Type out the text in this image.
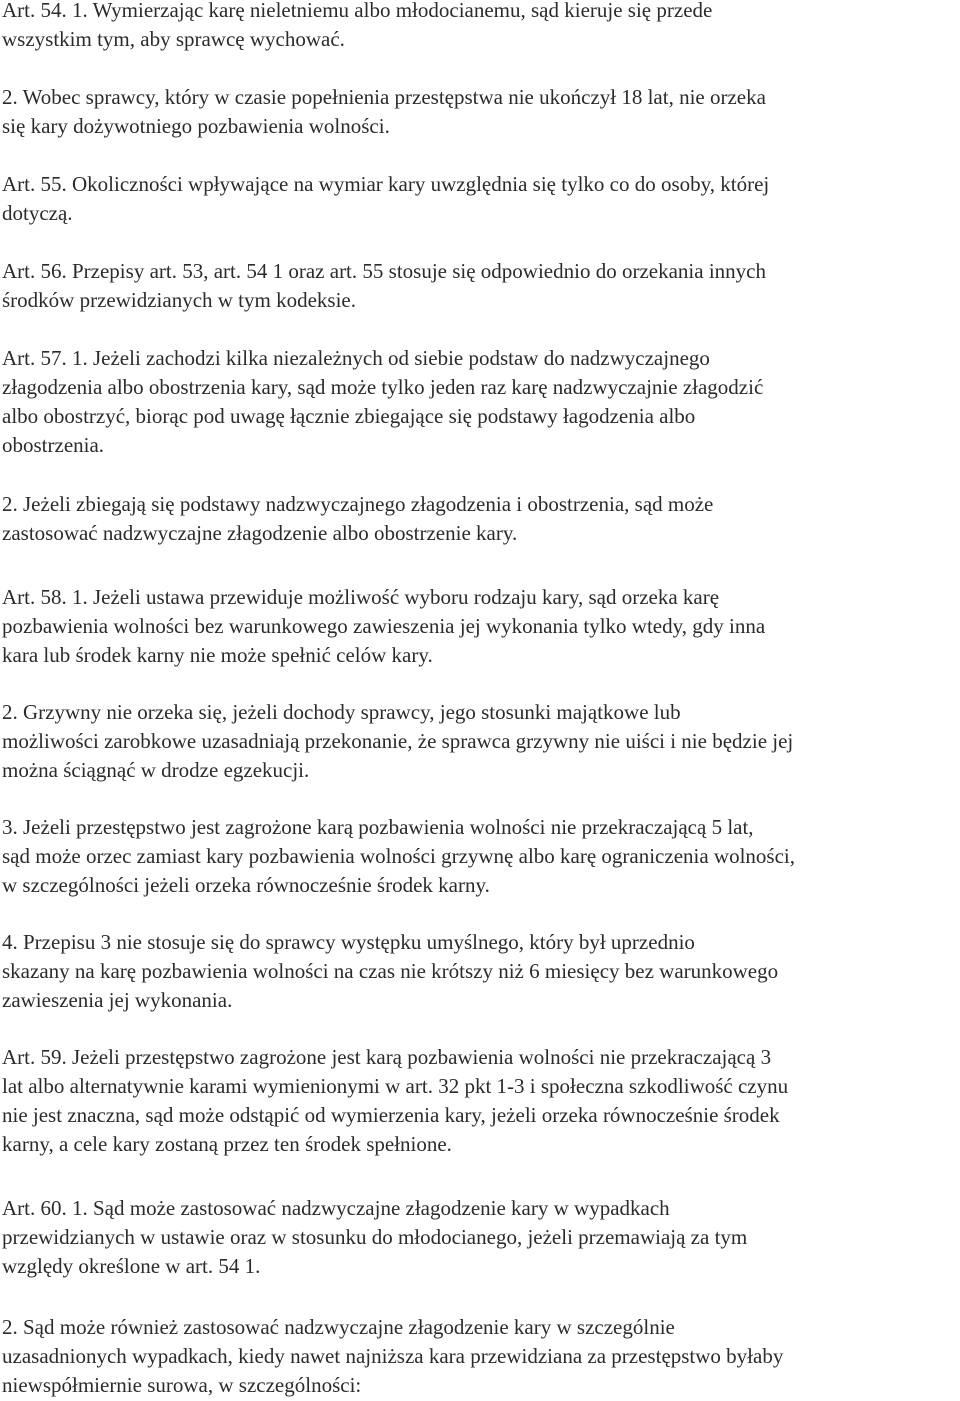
Art. 54. 1. Wymierzając karę nieletniemu albo młodocianemu, sąd kieruje się przede
wszystkim tym, aby sprawcę wychować.
2. Wobec sprawcy, który w czasie popełnienia przestępstwa nie ukończył 18 lat, nie orzeka
się kary dożywotniego pozbawienia wolności.
Art. 55. Okoliczności wpływające na wymiar kary uwzględnia się tylko co do osoby, której
dotyczą.
Art. 56. Przepisy art. 53, art. 54 1 oraz art. 55 stosuje się odpowiednio do orzekania innych
środków przewidzianych w tym kodeksie.
Art. 57. 1. Jeżeli zachodzi kilka niezależnych od siebie podstaw do nadzwyczajnego
złagodzenia albo obostrzenia kary, sąd może tylko jeden raz karę nadzwyczajnie złagodzić
albo obostrzyć, biorąc pod uwagę łącznie zbiegające się podstawy łagodzenia albo
obostrzenia.
2. Jeżeli zbiegają się podstawy nadzwyczajnego złagodzenia i obostrzenia, sąd może
zastosować nadzwyczajne złagodzenie albo obostrzenie kary.
Art. 58. 1. Jeżeli ustawa przewiduje możliwość wyboru rodzaju kary, sąd orzeka karę
pozbawienia wolności bez warunkowego zawieszenia jej wykonania tylko wtedy, gdy inna
kara lub środek karny nie może spełnić celów kary.
2. Grzywny nie orzeka się, jeżeli dochody sprawcy, jego stosunki majątkowe lub
możliwości zarobkowe uzasadniają przekonanie, że sprawca grzywny nie uiści i nie będzie jej
można ściągnąć w drodze egzekucji.
3. Jeżeli przestępstwo jest zagrożone karą pozbawienia wolności nie przekraczającą 5 lat,
sąd może orzec zamiast kary pozbawienia wolności grzywnę albo karę ograniczenia wolności,
w szczególności jeżeli orzeka równocześnie środek karny.
4. Przepisu 3 nie stosuje się do sprawcy występku umyślnego, który był uprzednio
skazany na karę pozbawienia wolności na czas nie krótszy niż 6 miesięcy bez warunkowego
zawieszenia jej wykonania.
Art. 59. Jeżeli przestępstwo zagrożone jest karą pozbawienia wolności nie przekraczającą 3
lat albo alternatywnie karami wymienionymi w art. 32 pkt 1-3 i społeczna szkodliwość czynu
nie jest znaczna, sąd może odstąpić od wymierzenia kary, jeżeli orzeka równocześnie środek
karny, a cele kary zostaną przez ten środek spełnione.
Art. 60. 1. Sąd może zastosować nadzwyczajne złagodzenie kary w wypadkach
przewidzianych w ustawie oraz w stosunku do młodocianego, jeżeli przemawiają za tym
względy określone w art. 54 1.
2. Sąd może również zastosować nadzwyczajne złagodzenie kary w szczególnie
uzasadnionych wypadkach, kiedy nawet najniższa kara przewidziana za przestępstwo byłaby
niewspółmiernie surowa, w szczególności:
